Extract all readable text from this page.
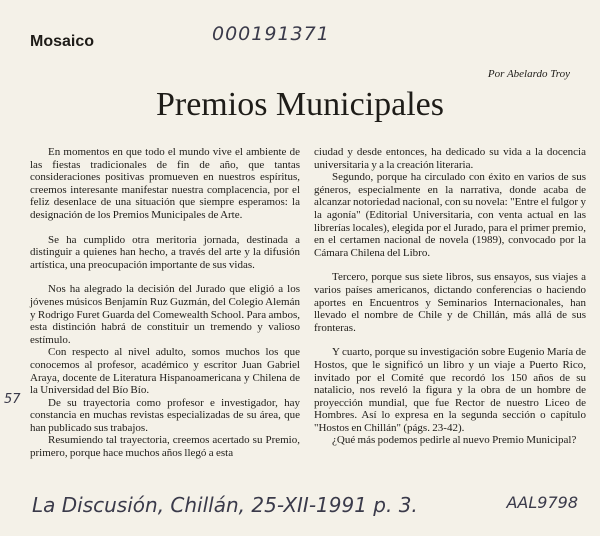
Mosaico	000191371
Por Abelardo Troy
Premios Municipales
57

En momentos en que todo el mundo vive el ambiente de las fiestas tradicionales de fin de año, que tantas consideraciones positivas promueven en nuestros espíritus, creemos interesante manifestar nuestra complacencia, por el feliz desenlace de una situación que siempre esperamos: la designación de los Premios Municipales de Arte.

Se ha cumplido otra meritoria jornada, destinada a distinguir a quienes han hecho, a través del arte y la difusión artística, una preocupación importante de sus vidas.

Nos ha alegrado la decisión del Jurado que eligió a los jóvenes músicos Benjamín Ruz Guzmán, del Colegio Alemán y Rodrigo Furet Guarda del Comewealth School. Para ambos, esta distinción habrá de constituir un tremendo y valioso estímulo.

Con respecto al nivel adulto, somos muchos los que conocemos al profesor, académico y escritor Juan Gabriel Araya, docente de Literatura Hispanoamericana y Chilena de la Universidad del Bío Bío.

De su trayectoria como profesor e investigador, hay constancia en muchas revistas especializadas de su área, que han publicado sus trabajos.

Resumiendo tal trayectoria, creemos acertado su Premio, primero, porque hace muchos años llegó a esta

ciudad y desde entonces, ha dedicado su vida a la docencia universitaria y a la creación literaria.

Segundo, porque ha circulado con éxito en varios de sus géneros, especialmente en la narrativa, donde acaba de alcanzar notoriedad nacional, con su novela: "Entre el fulgor y la agonía" (Editorial Universitaria, con venta actual en las librerías locales), elegida por el Jurado, para el primer premio, en el certamen nacional de novela (1989), convocado por la Cámara Chilena del Libro.

Tercero, porque sus siete libros, sus ensayos, sus viajes a varios países americanos, dictando conferencias o haciendo aportes en Encuentros y Seminarios Internacionales, han llevado el nombre de Chile y de Chillán, más allá de sus fronteras.

Y cuarto, porque su investigación sobre Eugenio María de Hostos, que le significó un libro y un viaje a Puerto Rico, invitado por el Comité que recordó los 150 años de su natalicio, nos reveló la figura y la obra de un hombre de proyección mundial, que fue Rector de nuestro Liceo de Hombres. Así lo expresa en la segunda sección o capítulo "Hostos en Chillán" (págs. 23-42).

¿Qué más podemos pedirle al nuevo Premio Municipal?

La Discusión, Chillán, 25-XII-1991 p. 3.	AAL9798
